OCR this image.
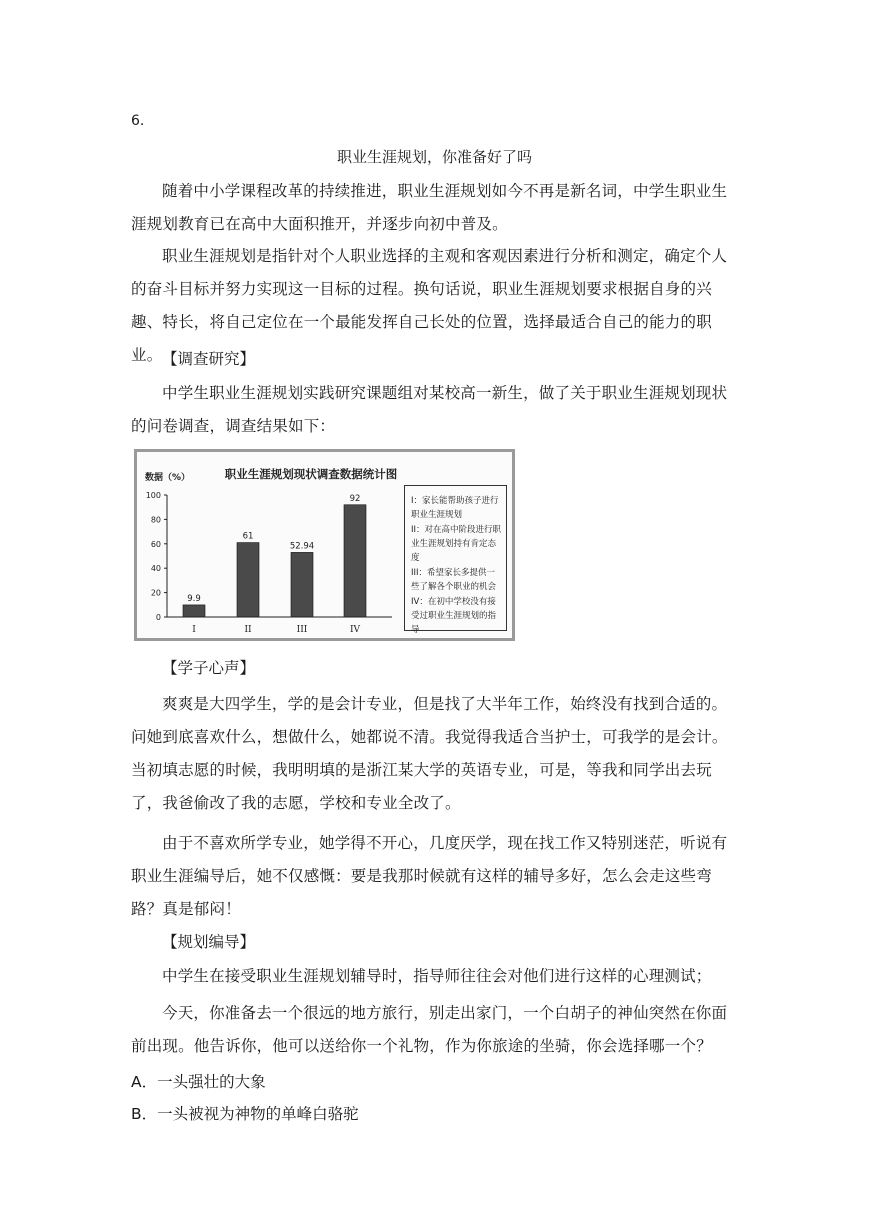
6.
职业生涯规划，你准备好了吗
随着中小学课程改革的持续推进，职业生涯规划如今不再是新名词，中学生职业生涯规划教育已在高中大面积推开，并逐步向初中普及。
职业生涯规划是指针对个人职业选择的主观和客观因素进行分析和测定，确定个人的奋斗目标并努力实现这一目标的过程。换句话说，职业生涯规划要求根据自身的兴趣、特长，将自己定位在一个最能发挥自己长处的位置，选择最适合自己的能力的职业。 【调查研究】
中学生职业生涯规划实践研究课题组对某校高一新生，做了关于职业生涯规划现状的问卷调查，调查结果如下：
职业生涯规划现状调查数据统计图
数据（%）
0
20
40
60
80
100
9.9
I
61
II
52.94
III
92
IV
I：家长能帮助孩子进行职业生涯规划
II：对在高中阶段进行职业生涯规划持有肯定态度
III：希望家长多提供一些了解各个职业的机会
IV：在初中学校没有接受过职业生涯规划的指导
【学子心声】
爽爽是大四学生，学的是会计专业，但是找了大半年工作，始终没有找到合适的。问她到底喜欢什么，想做什么，她都说不清。我觉得我适合当护士，可我学的是会计。当初填志愿的时候，我明明填的是浙江某大学的英语专业，可是，等我和同学出去玩了，我爸偷改了我的志愿，学校和专业全改了。
由于不喜欢所学专业，她学得不开心，几度厌学，现在找工作又特别迷茫，听说有职业生涯编导后，她不仅感慨：要是我那时候就有这样的辅导多好，怎么会走这些弯路？真是郁闷！
【规划编导】
中学生在接受职业生涯规划辅导时，指导师往往会对他们进行这样的心理测试；
今天，你准备去一个很远的地方旅行，别走出家门，一个白胡子的神仙突然在你面前出现。他告诉你，他可以送给你一个礼物，作为你旅途的坐骑，你会选择哪一个？
A．一头强壮的大象
B．一头被视为神物的单峰白骆驼
